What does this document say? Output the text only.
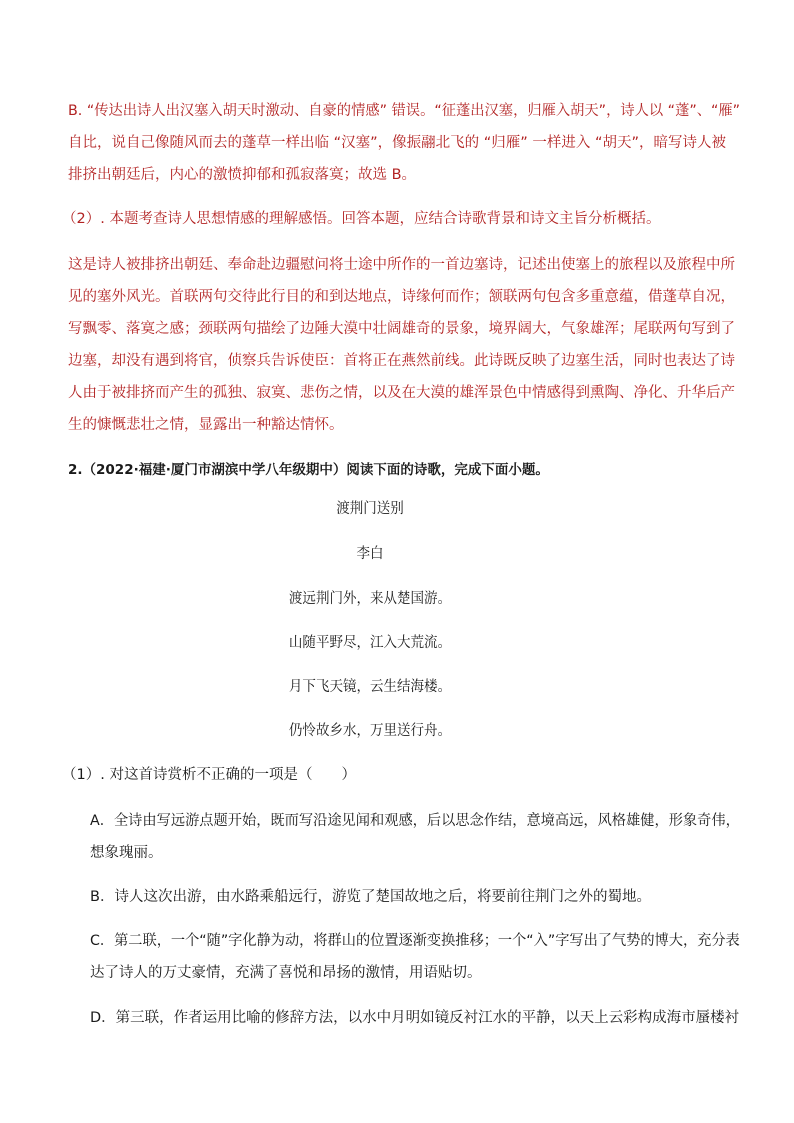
B. “传达出诗人出汉塞入胡天时激动、自豪的情感” 错误。“征蓬出汉塞，归雁入胡天”，诗人以 “蓬”、“雁”

自比，说自己像随风而去的蓬草一样出临 “汉塞”，像振翮北飞的 “归雁” 一样进入 “胡天”，暗写诗人被

排挤出朝廷后，内心的激愤抑郁和孤寂落寞；故选 B。

（2）. 本题考查诗人思想情感的理解感悟。回答本题，应结合诗歌背景和诗文主旨分析概括。

这是诗人被排挤出朝廷、奉命赴边疆慰问将士途中所作的一首边塞诗，记述出使塞上的旅程以及旅程中所

见的塞外风光。首联两句交待此行目的和到达地点，诗缘何而作；颔联两句包含多重意蕴，借蓬草自况，

写飘零、落寞之感；颈联两句描绘了边陲大漠中壮阔雄奇的景象，境界阔大，气象雄浑；尾联两句写到了

边塞，却没有遇到将官，侦察兵告诉使臣：首将正在燕然前线。此诗既反映了边塞生活，同时也表达了诗

人由于被排挤而产生的孤独、寂寞、悲伤之情，以及在大漠的雄浑景色中情感得到熏陶、净化、升华后产

生的慷慨悲壮之情，显露出一种豁达情怀。

2.（2022·福建·厦门市湖滨中学八年级期中）阅读下面的诗歌，完成下面小题。

渡荆门送别

李白

渡远荆门外，来从楚国游。

山随平野尽，江入大荒流。

月下飞天镜，云生结海楼。

仍怜故乡水，万里送行舟。

（1）. 对这首诗赏析不正确的一项是（　　）

A．全诗由写远游点题开始，既而写沿途见闻和观感，后以思念作结，意境高远，风格雄健，形象奇伟，

想象瑰丽。

B．诗人这次出游，由水路乘船远行，游览了楚国故地之后，将要前往荆门之外的蜀地。

C．第二联，一个“随”字化静为动，将群山的位置逐渐变换推移；一个“入”字写出了气势的博大，充分表

达了诗人的万丈豪情，充满了喜悦和昂扬的激情，用语贴切。

D．第三联，作者运用比喻的修辞方法，以水中月明如镜反衬江水的平静，以天上云彩构成海市蜃楼衬
